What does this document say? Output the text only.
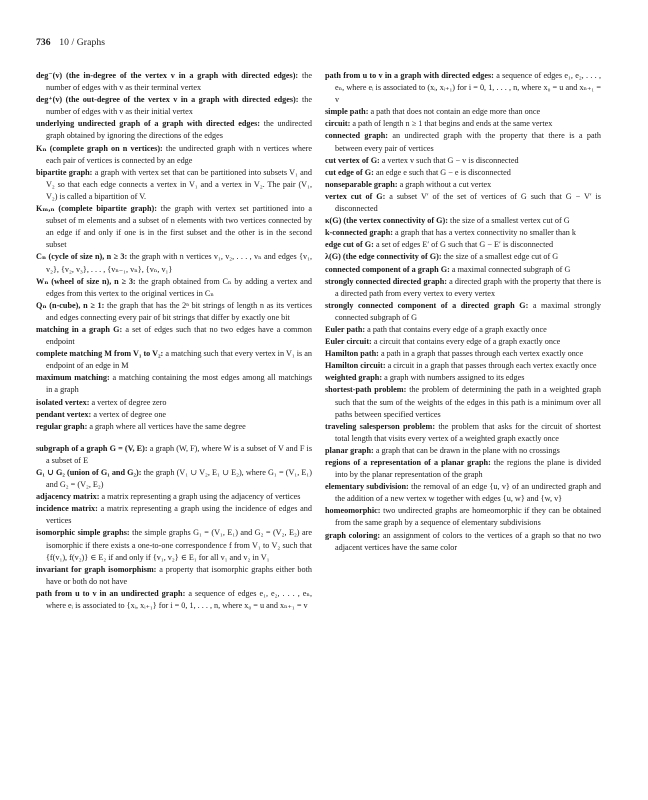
736 10 / Graphs

deg⁻(v) (the in-degree of the vertex v in a graph with directed edges): the number of edges with v as their terminal vertex

deg⁺(v) (the out-degree of the vertex v in a graph with directed edges): the number of edges with v as their initial vertex

underlying undirected graph of a graph with directed edges: the undirected graph obtained by ignoring the directions of the edges

Kₙ (complete graph on n vertices): the undirected graph with n vertices where each pair of vertices is connected by an edge

bipartite graph: a graph with vertex set that can be partitioned into subsets V₁ and V₂ so that each edge connects a vertex in V₁ and a vertex in V₂. The pair (V₁, V₂) is called a bipartition of V.

Kₘ,ₙ (complete bipartite graph): the graph with vertex set partitioned into a subset of m elements and a subset of n elements with two vertices connected by an edge if and only if one is in the first subset and the other is in the second subset

Cₙ (cycle of size n), n ≥ 3: the graph with n vertices v₁, v₂, . . . , vₙ and edges {v₁, v₂}, {v₂, v₃}, . . . , {vₙ₋₁, vₙ}, {vₙ, v₁}

Wₙ (wheel of size n), n ≥ 3: the graph obtained from Cₙ by adding a vertex and edges from this vertex to the original vertices in Cₙ

Qₙ (n-cube), n ≥ 1: the graph that has the 2ⁿ bit strings of length n as its vertices and edges connecting every pair of bit strings that differ by exactly one bit

matching in a graph G: a set of edges such that no two edges have a common endpoint

complete matching M from V₁ to V₂: a matching such that every vertex in V₁ is an endpoint of an edge in M

maximum matching: a matching containing the most edges among all matchings in a graph

isolated vertex: a vertex of degree zero

pendant vertex: a vertex of degree one

regular graph: a graph where all vertices have the same degree

subgraph of a graph G = (V, E): a graph (W, F), where W is a subset of V and F is a subset of E

G₁ ∪ G₂ (union of G₁ and G₂): the graph (V₁ ∪ V₂, E₁ ∪ E₂), where G₁ = (V₁, E₁) and G₂ = (V₂, E₂)

adjacency matrix: a matrix representing a graph using the adjacency of vertices

incidence matrix: a matrix representing a graph using the incidence of edges and vertices

isomorphic simple graphs: the simple graphs G₁ = (V₁, E₁) and G₂ = (V₂, E₂) are isomorphic if there exists a one-to-one correspondence f from V₁ to V₂ such that {f(v₁), f(v₂)} ∈ E₂ if and only if {v₁, v₂} ∈ E₁ for all v₁ and v₂ in V₁

invariant for graph isomorphism: a property that isomorphic graphs either both have or both do not have

path from u to v in an undirected graph: a sequence of edges e₁, e₂, . . . , eₙ, where eᵢ is associated to {xᵢ, xᵢ₊₁} for i = 0, 1, . . . , n, where x₀ = u and xₙ₊₁ = v

path from u to v in a graph with directed edges: a sequence of edges e₁, e₂, . . . , eₙ, where eᵢ is associated to (xᵢ, xᵢ₊₁) for i = 0, 1, . . . , n, where x₀ = u and xₙ₊₁ = v

simple path: a path that does not contain an edge more than once

circuit: a path of length n ≥ 1 that begins and ends at the same vertex

connected graph: an undirected graph with the property that there is a path between every pair of vertices

cut vertex of G: a vertex v such that G − v is disconnected

cut edge of G: an edge e such that G − e is disconnected

nonseparable graph: a graph without a cut vertex

vertex cut of G: a subset V′ of the set of vertices of G such that G − V′ is disconnected

κ(G) (the vertex connectivity of G): the size of a smallest vertex cut of G

k-connected graph: a graph that has a vertex connectivity no smaller than k

edge cut of G: a set of edges E′ of G such that G − E′ is disconnected

λ(G) (the edge connectivity of G): the size of a smallest edge cut of G

connected component of a graph G: a maximal connected subgraph of G

strongly connected directed graph: a directed graph with the property that there is a directed path from every vertex to every vertex

strongly connected component of a directed graph G: a maximal strongly connected subgraph of G

Euler path: a path that contains every edge of a graph exactly once

Euler circuit: a circuit that contains every edge of a graph exactly once

Hamilton path: a path in a graph that passes through each vertex exactly once

Hamilton circuit: a circuit in a graph that passes through each vertex exactly once

weighted graph: a graph with numbers assigned to its edges

shortest-path problem: the problem of determining the path in a weighted graph such that the sum of the weights of the edges in this path is a minimum over all paths between specified vertices

traveling salesperson problem: the problem that asks for the circuit of shortest total length that visits every vertex of a weighted graph exactly once

planar graph: a graph that can be drawn in the plane with no crossings

regions of a representation of a planar graph: the regions the plane is divided into by the planar representation of the graph

elementary subdivision: the removal of an edge {u, v} of an undirected graph and the addition of a new vertex w together with edges {u, w} and {w, v}

homeomorphic: two undirected graphs are homeomorphic if they can be obtained from the same graph by a sequence of elementary subdivisions

graph coloring: an assignment of colors to the vertices of a graph so that no two adjacent vertices have the same color
